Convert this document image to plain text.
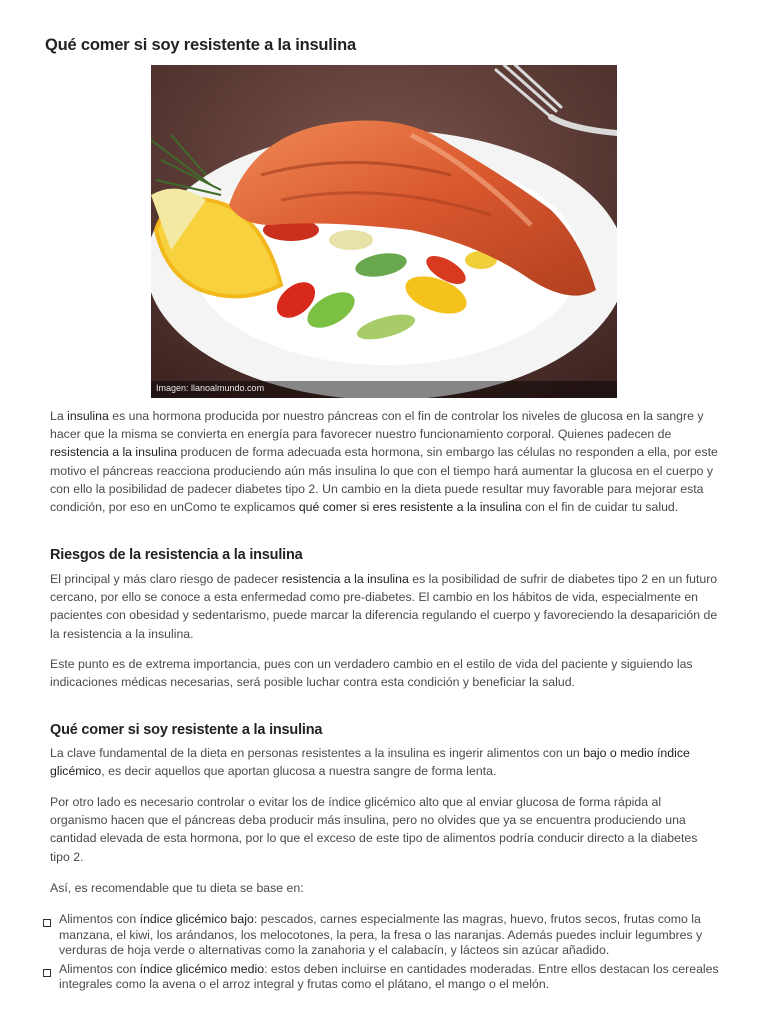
Qué comer si soy resistente a la insulina
Imagen: llanoalmundo.com

La insulina es una hormona producida por nuestro páncreas con el fin de controlar los niveles de glucosa en la sangre y hacer que la misma se convierta en energía para favorecer nuestro funcionamiento corporal. Quienes padecen de resistencia a la insulina producen de forma adecuada esta hormona, sin embargo las células no responden a ella, por este motivo el páncreas reacciona produciendo aún más insulina lo que con el tiempo hará aumentar la glucosa en el cuerpo y con ello la posibilidad de padecer diabetes tipo 2. Un cambio en la dieta puede resultar muy favorable para mejorar esta condición, por eso en unComo te explicamos qué comer si eres resistente a la insulina con el fin de cuidar tu salud.

Riesgos de la resistencia a la insulina

El principal y más claro riesgo de padecer resistencia a la insulina es la posibilidad de sufrir de diabetes tipo 2 en un futuro cercano, por ello se conoce a esta enfermedad como pre-diabetes. El cambio en los hábitos de vida, especialmente en pacientes con obesidad y sedentarismo, puede marcar la diferencia regulando el cuerpo y favoreciendo la desaparición de la resistencia a la insulina.

Este punto es de extrema importancia, pues con un verdadero cambio en el estilo de vida del paciente y siguiendo las indicaciones médicas necesarias, será posible luchar contra esta condición y beneficiar la salud.

Qué comer si soy resistente a la insulina

La clave fundamental de la dieta en personas resistentes a la insulina es ingerir alimentos con un bajo o medio índice glicémico, es decir aquellos que aportan glucosa a nuestra sangre de forma lenta.

Por otro lado es necesario controlar o evitar los de índice glicémico alto que al enviar glucosa de forma rápida al organismo hacen que el páncreas deba producir más insulina, pero no olvides que ya se encuentra produciendo una cantidad elevada de esta hormona, por lo que el exceso de este tipo de alimentos podría conducir directo a la diabetes tipo 2.

Así, es recomendable que tu dieta se base en:

Alimentos con índice glicémico bajo: pescados, carnes especialmente las magras, huevo, frutos secos, frutas como la manzana, el kiwi, los arándanos, los melocotones, la pera, la fresa o las naranjas. Además puedes incluir legumbres y verduras de hoja verde o alternativas como la zanahoria y el calabacín, y lácteos sin azúcar añadido.
Alimentos con índice glicémico medio: estos deben incluirse en cantidades moderadas. Entre ellos destacan los cereales integrales como la avena o el arroz integral y frutas como el plátano, el mango o el melón.
